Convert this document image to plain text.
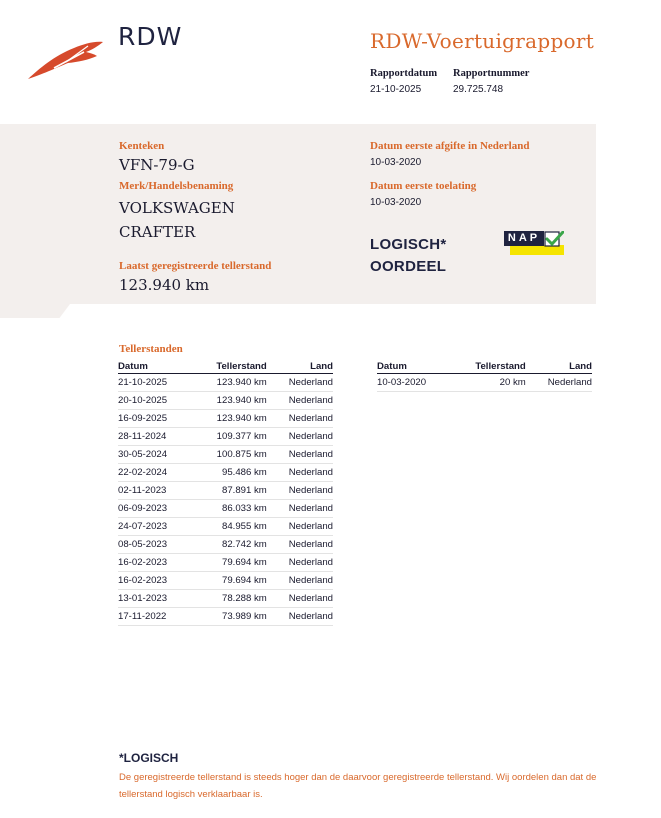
RDW	RDW-Voertuigrapport
Rapportdatum
21-10-2025
Rapportnummer
29.725.748
Kenteken
VFN-79-G
Merk/Handelsbenaming
VOLKSWAGEN
CRAFTER
Laatst geregistreerde tellerstand
123.940 km
Datum eerste afgifte in Nederland
10-03-2020
Datum eerste toelating
10-03-2020
LOGISCH*
OORDEEL
NAP
Tellerstanden
Datum	Tellerstand	Land
21-10-2025	123.940 km	Nederland
20-10-2025	123.940 km	Nederland
16-09-2025	123.940 km	Nederland
28-11-2024	109.377 km	Nederland
30-05-2024	100.875 km	Nederland
22-02-2024	95.486 km	Nederland
02-11-2023	87.891 km	Nederland
06-09-2023	86.033 km	Nederland
24-07-2023	84.955 km	Nederland
08-05-2023	82.742 km	Nederland
16-02-2023	79.694 km	Nederland
16-02-2023	79.694 km	Nederland
13-01-2023	78.288 km	Nederland
17-11-2022	73.989 km	Nederland
Datum	Tellerstand	Land
10-03-2020	20 km	Nederland
*LOGISCH
De geregistreerde tellerstand is steeds hoger dan de daarvoor geregistreerde tellerstand. Wij oordelen dan dat de tellerstand logisch verklaarbaar is.
